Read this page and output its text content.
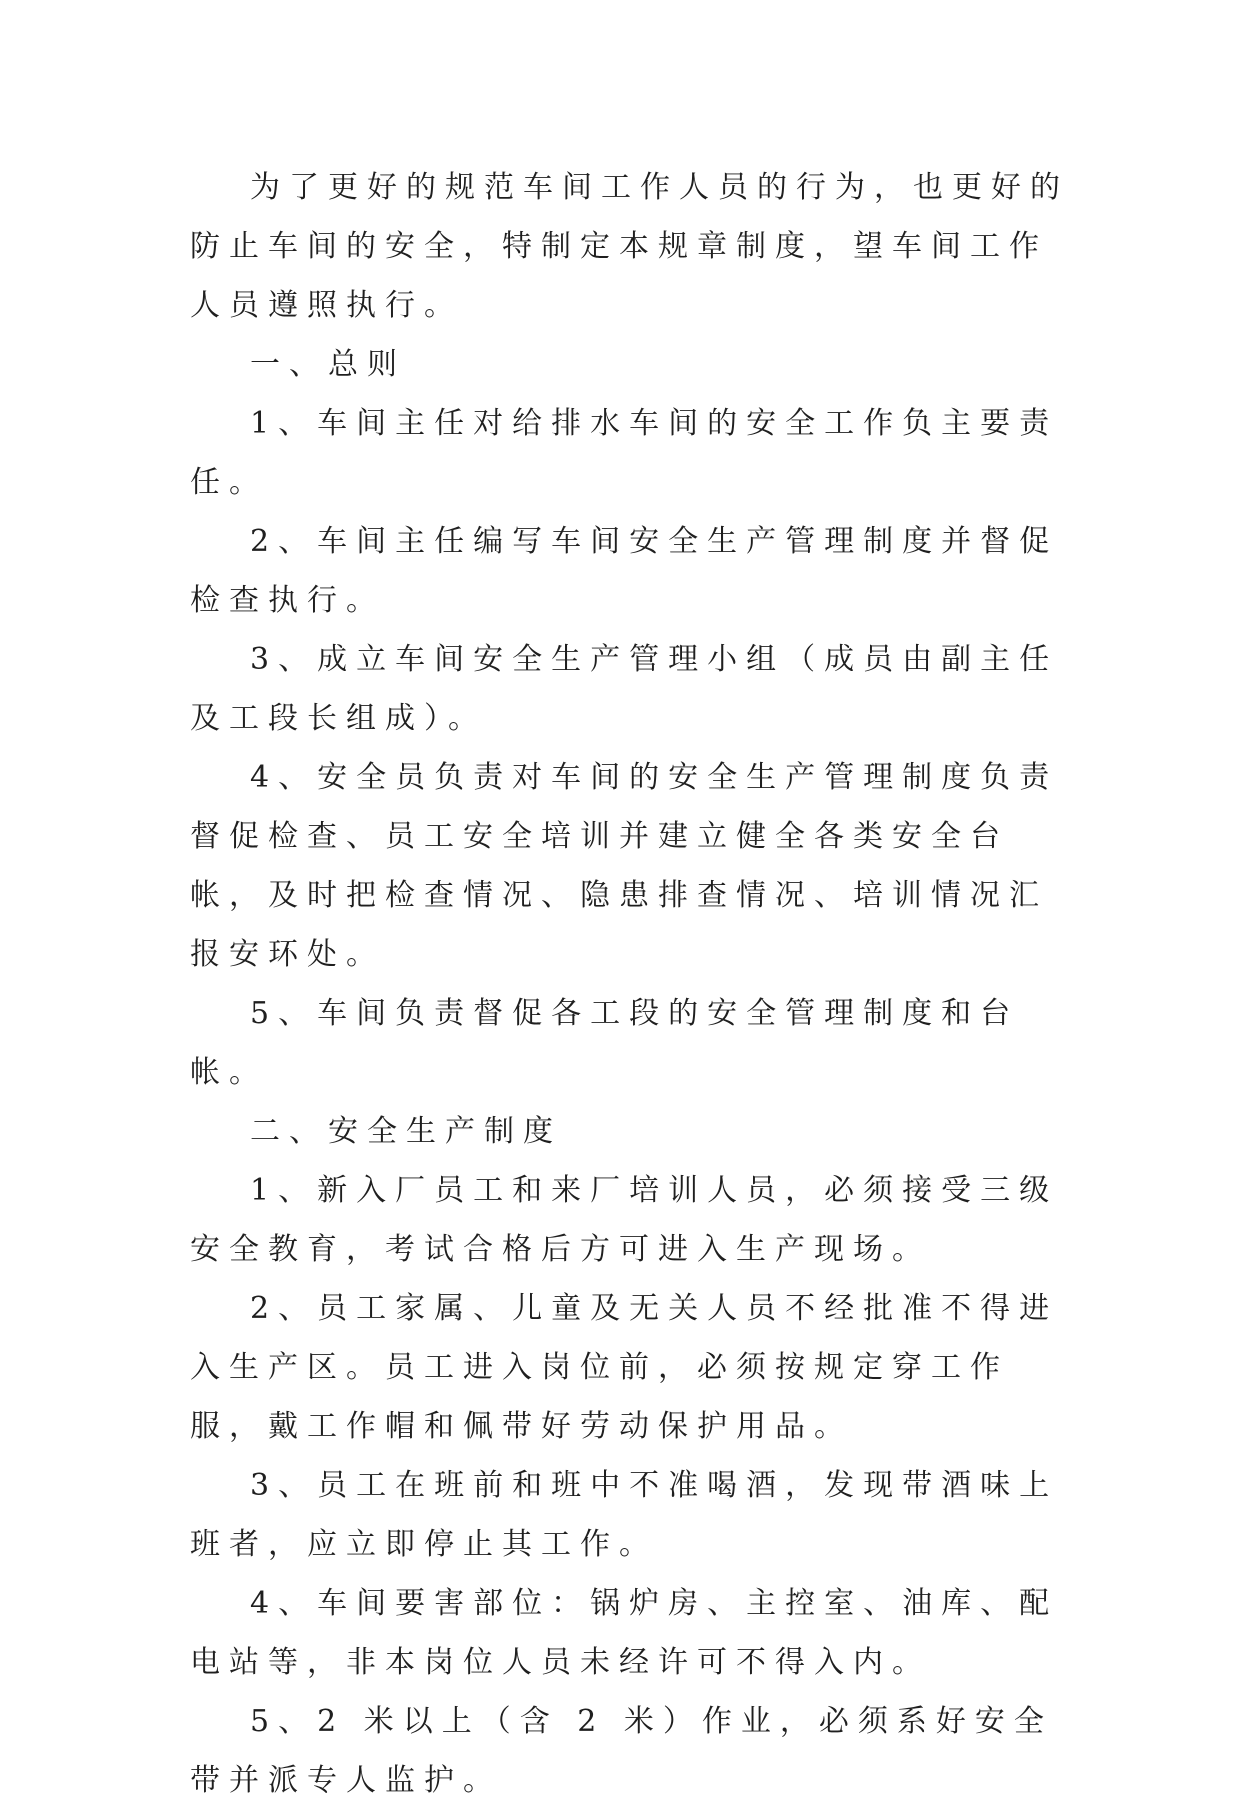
为了更好的规范车间工作人员的行为，也更好的防止车间的安全，特制定本规章制度，望车间工作人员遵照执行。

一、总则

1、车间主任对给排水车间的安全工作负主要责任。

2、车间主任编写车间安全生产管理制度并督促检查执行。

3、成立车间安全生产管理小组（成员由副主任及工段长组成）。

4、安全员负责对车间的安全生产管理制度负责督促检查、员工安全培训并建立健全各类安全台帐，及时把检查情况、隐患排查情况、培训情况汇报安环处。

5、车间负责督促各工段的安全管理制度和台帐。

二、安全生产制度

1、新入厂员工和来厂培训人员，必须接受三级安全教育，考试合格后方可进入生产现场。

2、员工家属、儿童及无关人员不经批准不得进入生产区。员工进入岗位前，必须按规定穿工作服，戴工作帽和佩带好劳动保护用品。

3、员工在班前和班中不准喝酒，发现带酒味上班者，应立即停止其工作。

4、车间要害部位：锅炉房、主控室、油库、配电站等，非本岗位人员未经许可不得入内。

5、2 米以上（含 2 米）作业，必须系好安全带并派专人监护。
